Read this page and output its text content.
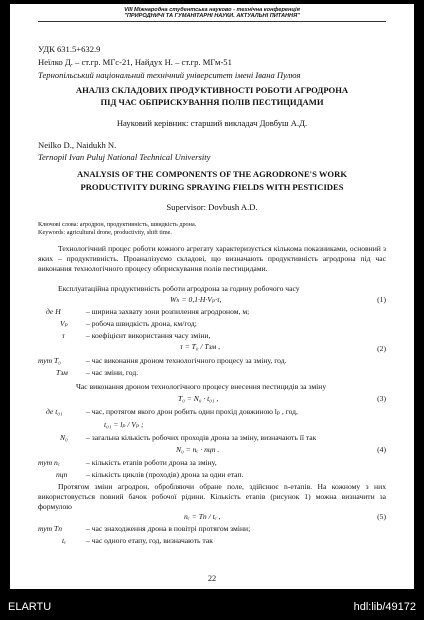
VIII Міжнародна студентська науково - технічна конференція
"ПРИРОДНИЧІ ТА ГУМАНІТАРНІ НАУКИ. АКТУАЛЬНІ ПИТАННЯ"
УДК 631.5+632.9
Неїлко Д. – ст.гр. МГс-21, Найдух Н. – ст.гр. МГм-51
Тернопільський національний технічний університет імені Івана Пулюя
АНАЛІЗ СКЛАДОВИХ ПРОДУКТИВНОСТІ РОБОТИ АГРОДРОНА
ПІД ЧАС ОБПРИСКУВАННЯ ПОЛІВ ПЕСТИЦИДАМИ
Науковий керівник: старший викладач Довбуш А.Д.
Neilko D., Naidukh N.
Ternopil Ivan Puluj National Technical University
ANALYSIS OF THE COMPONENTS OF THE AGRODRONE'S WORK
PRODUCTIVITY DURING SPRAYING FIELDS WITH PESTICIDES
Supervisor: Dovbush A.D.
Ключові слова: агродрон, продуктивність, швидкість дрона.
Keywords: agricultural drone, productivity, shift time.
Технологічний процес роботи кожного агрегату характеризується кількома показниками, основний з яких – продуктивність. Проаналізуємо складові, що визначають продуктивність агродрона під час виконання технологічного процесу обприскування полів пестицидами.
Експлуатаційна продуктивність роботи агродрона за годину робочого часу
Wₕ = 0,1·H·Vₚ·τ,	(1)
де H	– ширина захвату зони розпилення агродроном, м;
Vₚ – робоча швидкість дрона, км/год;
τ	– коефіцієнт використання часу зміни,
τ = T₀ / Tзм ,	(2)
тут T₀	– час виконання дроном технологічного процесу за зміну, год.
Tзм – час зміни, год.
Час виконання дроном технологічного процесу внесення пестицидів за зміну
T₀ = N₀ · t₀₁ ,	(3)
де t₀₁	– час, протягом якого дрон робить один прохід довжиною lₚ , год,
t₀₁ = lₚ / Vₚ ;
N₀ – загальна кількість робочих проходів дрона за зміну, визначають її так
N₀ = nₑ · nцп .	(4)
тут nₑ	– кількість етапів роботи дрона за зміну,
nцп – кількість циклів (проходів) дрона за один етап.
Протягом зміни агродрон, обробляючи обране поле, здійснює n-етапів. На кожному з них використовується повний бачок робочої рідини. Кількість етапів (рисунок 1) можна визначити за формулою
nₑ = Tп / tₑ ,	(5)
тут Tп	– час знаходження дрона в повітрі протягом зміни;
tₑ	– час одного етапу, год, визначають так
22
ELARTU	hdl:lib/49172
